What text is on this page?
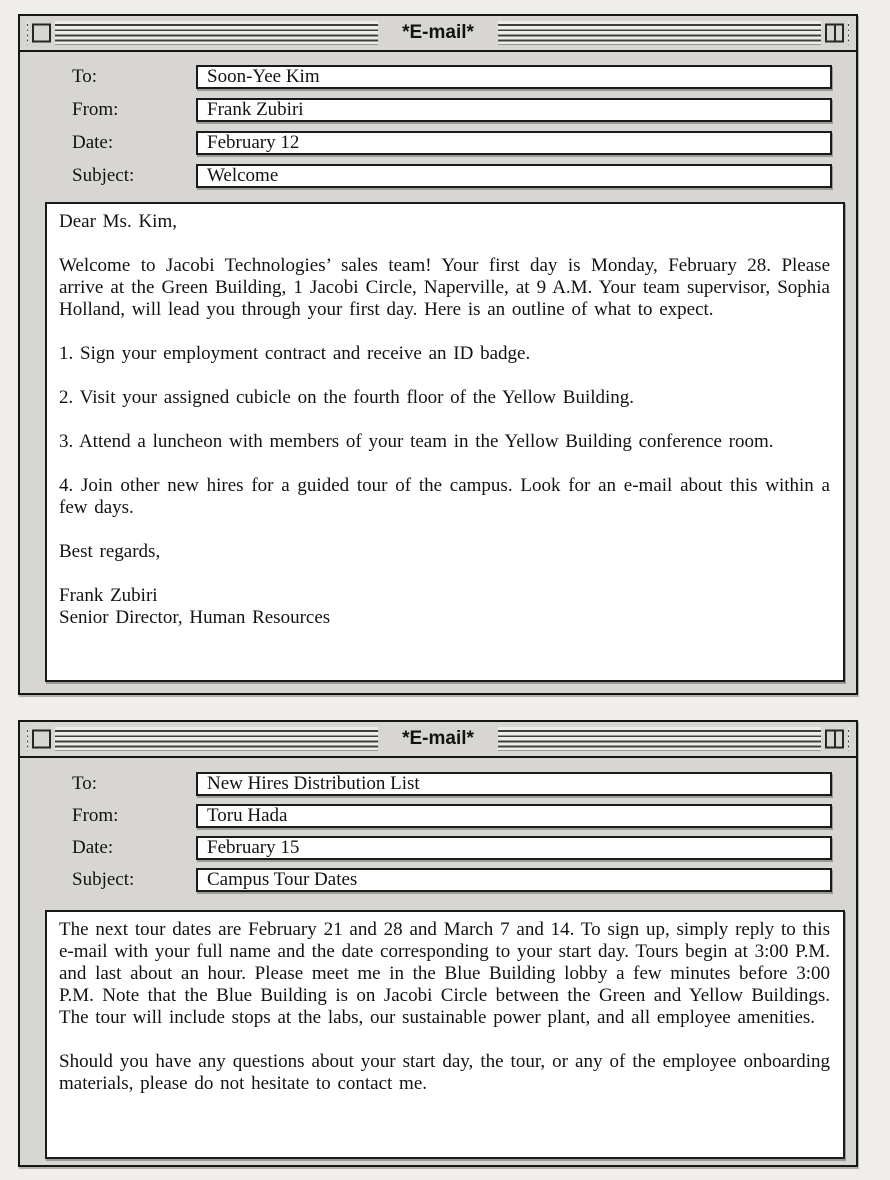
*E-mail*
To:	Soon-Yee Kim
From:	Frank Zubiri
Date:	February 12
Subject:	Welcome

Dear Ms. Kim,

Welcome to Jacobi Technologies’ sales team! Your first day is Monday, February 28. Please arrive at the Green Building, 1 Jacobi Circle, Naperville, at 9 A.M. Your team supervisor, Sophia Holland, will lead you through your first day. Here is an outline of what to expect.

1. Sign your employment contract and receive an ID badge.

2. Visit your assigned cubicle on the fourth floor of the Yellow Building.

3. Attend a luncheon with members of your team in the Yellow Building conference room.

4. Join other new hires for a guided tour of the campus. Look for an e-mail about this within a few days.

Best regards,

Frank Zubiri

Senior Director, Human Resources

*E-mail*
To:	New Hires Distribution List
From:	Toru Hada
Date:	February 15
Subject:	Campus Tour Dates

The next tour dates are February 21 and 28 and March 7 and 14. To sign up, simply reply to this e-mail with your full name and the date corresponding to your start day. Tours begin at 3:00 P.M. and last about an hour. Please meet me in the Blue Building lobby a few minutes before 3:00 P.M. Note that the Blue Building is on Jacobi Circle between the Green and Yellow Buildings. The tour will include stops at the labs, our sustainable power plant, and all employee amenities.

Should you have any questions about your start day, the tour, or any of the employee onboarding materials, please do not hesitate to contact me.
